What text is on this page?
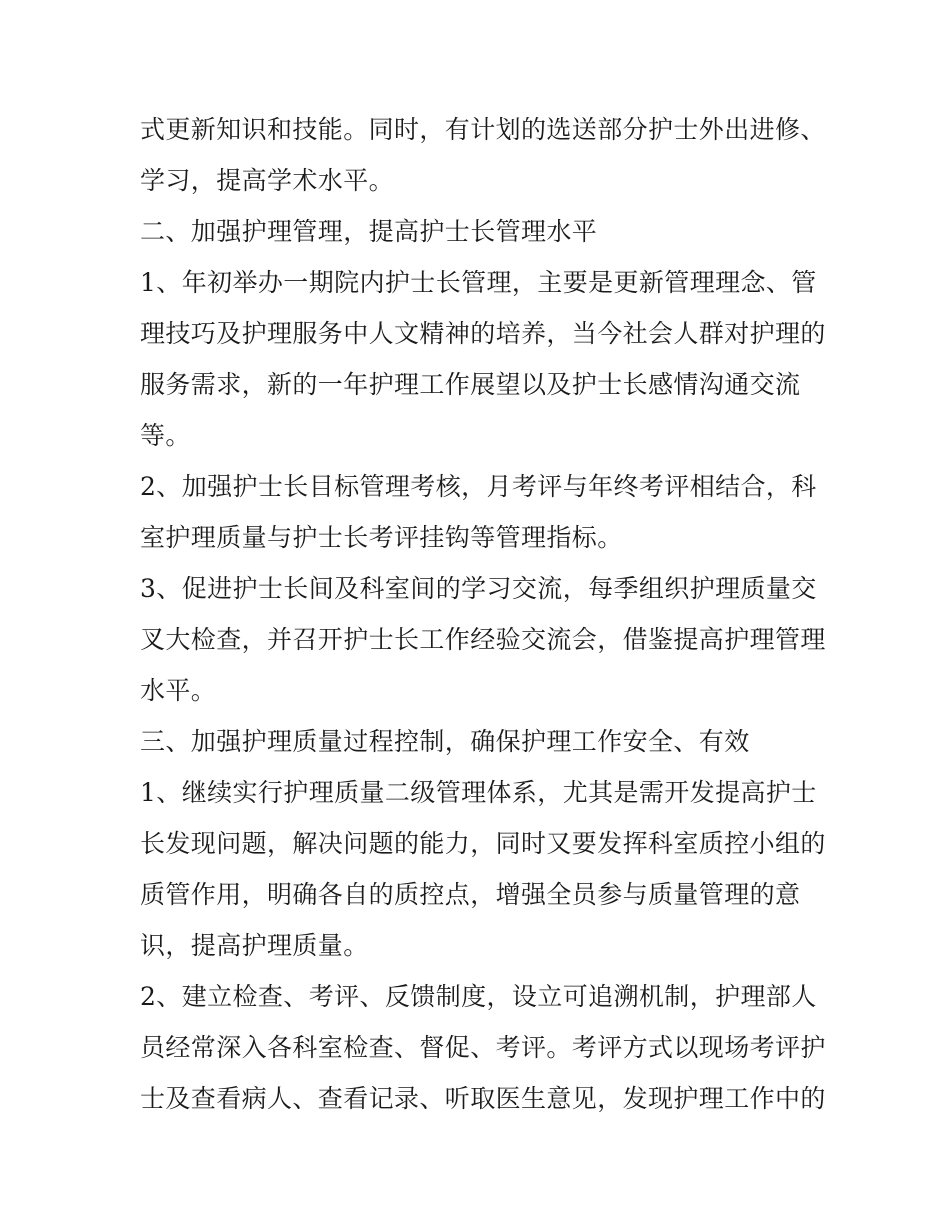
式更新知识和技能。同时，有计划的选送部分护士外出进修、
学习，提高学术水平。
二、加强护理管理，提高护士长管理水平
1、年初举办一期院内护士长管理，主要是更新管理理念、管
理技巧及护理服务中人文精神的培养，当今社会人群对护理的
服务需求，新的一年护理工作展望以及护士长感情沟通交流
等。
2、加强护士长目标管理考核，月考评与年终考评相结合，科
室护理质量与护士长考评挂钩等管理指标。
3、促进护士长间及科室间的学习交流，每季组织护理质量交
叉大检查，并召开护士长工作经验交流会，借鉴提高护理管理
水平。
三、加强护理质量过程控制，确保护理工作安全、有效
1、继续实行护理质量二级管理体系，尤其是需开发提高护士
长发现问题，解决问题的能力，同时又要发挥科室质控小组的
质管作用，明确各自的质控点，增强全员参与质量管理的意
识，提高护理质量。
2、建立检查、考评、反馈制度，设立可追溯机制，护理部人
员经常深入各科室检查、督促、考评。考评方式以现场考评护
士及查看病人、查看记录、听取医生意见，发现护理工作中的
